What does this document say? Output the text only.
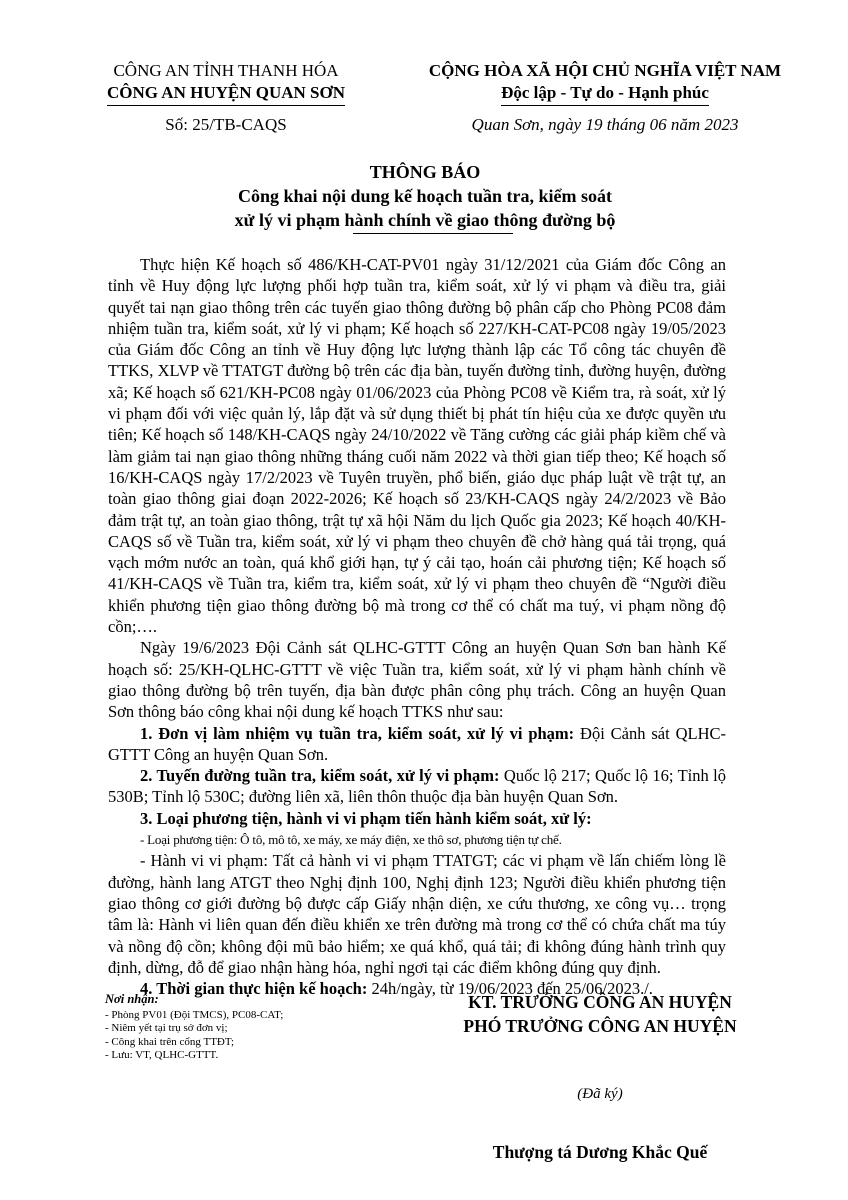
CÔNG AN TỈNH THANH HÓA
CÔNG AN HUYỆN QUAN SƠN
Số: 25/TB-CAQS
CỘNG HÒA XÃ HỘI CHỦ NGHĨA VIỆT NAM
Độc lập - Tự do - Hạnh phúc
Quan Sơn, ngày 19 tháng 06 năm 2023
THÔNG BÁO
Công khai nội dung kế hoạch tuần tra, kiểm soát
xử lý vi phạm hành chính về giao thông đường bộ

Thực hiện Kế hoạch số 486/KH-CAT-PV01 ngày 31/12/2021 của Giám đốc Công an tỉnh về Huy động lực lượng phối hợp tuần tra, kiểm soát, xử lý vi phạm và điều tra, giải quyết tai nạn giao thông trên các tuyến giao thông đường bộ phân cấp cho Phòng PC08 đảm nhiệm tuần tra, kiểm soát, xử lý vi phạm; Kế hoạch số 227/KH-CAT-PC08 ngày 19/05/2023 của Giám đốc Công an tỉnh về Huy động lực lượng thành lập các Tổ công tác chuyên đề TTKS, XLVP về TTATGT đường bộ trên các địa bàn, tuyến đường tỉnh, đường huyện, đường xã; Kế hoạch số 621/KH-PC08 ngày 01/06/2023 của Phòng PC08 về Kiểm tra, rà soát, xử lý vi phạm đối với việc quản lý, lắp đặt và sử dụng thiết bị phát tín hiệu của xe được quyền ưu tiên; Kế hoạch số 148/KH-CAQS ngày 24/10/2022 về Tăng cường các giải pháp kiềm chế và làm giảm tai nạn giao thông những tháng cuối năm 2022 và thời gian tiếp theo; Kế hoạch số 16/KH-CAQS ngày 17/2/2023 về Tuyên truyền, phổ biến, giáo dục pháp luật về trật tự, an toàn giao thông giai đoạn 2022-2026; Kế hoạch số 23/KH-CAQS ngày 24/2/2023 về Bảo đảm trật tự, an toàn giao thông, trật tự xã hội Năm du lịch Quốc gia 2023; Kế hoạch 40/KH-CAQS số về Tuần tra, kiểm soát, xử lý vi phạm theo chuyên đề chở hàng quá tải trọng, quá vạch mớm nước an toàn, quá khổ giới hạn, tự ý cải tạo, hoán cải phương tiện; Kế hoạch số 41/KH-CAQS về Tuần tra, kiểm tra, kiểm soát, xử lý vi phạm theo chuyên đề “Người điều khiển phương tiện giao thông đường bộ mà trong cơ thể có chất ma tuý, vi phạm nồng độ cồn;….

Ngày 19/6/2023 Đội Cảnh sát QLHC-GTTT Công an huyện Quan Sơn ban hành Kế hoạch số: 25/KH-QLHC-GTTT về việc Tuần tra, kiểm soát, xử lý vi phạm hành chính về giao thông đường bộ trên tuyến, địa bàn được phân công phụ trách. Công an huyện Quan Sơn thông báo công khai nội dung kế hoạch TTKS như sau:

1. Đơn vị làm nhiệm vụ tuần tra, kiểm soát, xử lý vi phạm: Đội Cảnh sát QLHC-GTTT Công an huyện Quan Sơn.

2. Tuyến đường tuần tra, kiểm soát, xử lý vi phạm: Quốc lộ 217; Quốc lộ 16; Tỉnh lộ 530B; Tỉnh lộ 530C; đường liên xã, liên thôn thuộc địa bàn huyện Quan Sơn.

3. Loại phương tiện, hành vi vi phạm tiến hành kiểm soát, xử lý:

- Loại phương tiện: Ô tô, mô tô, xe máy, xe máy điện, xe thô sơ, phương tiện tự chế.

- Hành vi vi phạm: Tất cả hành vi vi phạm TTATGT; các vi phạm về lấn chiếm lòng lề đường, hành lang ATGT theo Nghị định 100, Nghị định 123; Người điều khiển phương tiện giao thông cơ giới đường bộ được cấp Giấy nhận diện, xe cứu thương, xe công vụ… trọng tâm là: Hành vi liên quan đến điều khiển xe trên đường mà trong cơ thể có chứa chất ma túy và nồng độ cồn; không đội mũ bảo hiểm; xe quá khổ, quá tải; đi không đúng hành trình quy định, dừng, đỗ để giao nhận hàng hóa, nghỉ ngơi tại các điểm không đúng quy định.

4. Thời gian thực hiện kế hoạch: 24h/ngày, từ 19/06/2023 đến 25/06/2023./.

Nơi nhận:
- Phòng PV01 (Đội TMCS), PC08-CAT;
- Niêm yết tại trụ sở đơn vị;
- Công khai trên cổng TTĐT;
- Lưu: VT, QLHC-GTTT.
KT. TRƯỞNG CÔNG AN HUYỆN
PHÓ TRƯỞNG CÔNG AN HUYỆN
(Đã ký)
Thượng tá Dương Khắc Quế
